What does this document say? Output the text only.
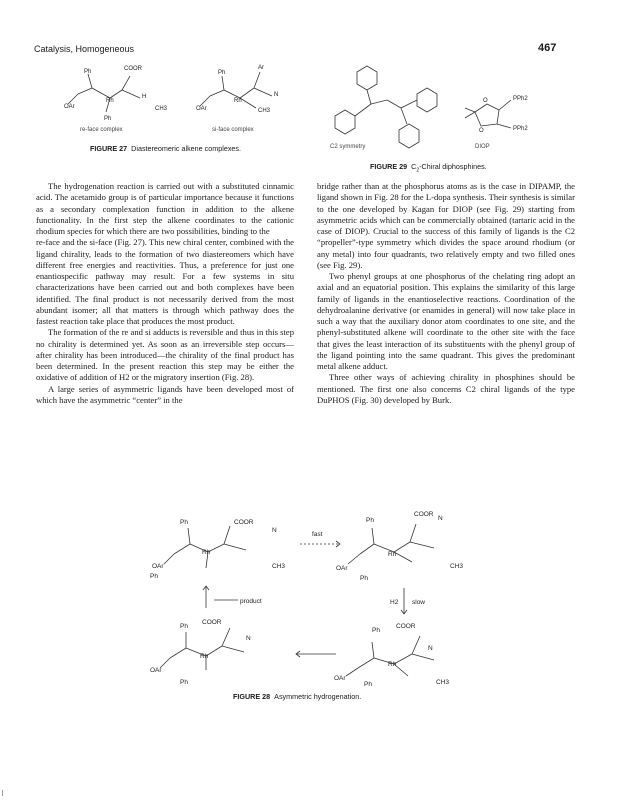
Catalysis, Homogeneous	467
Ph	COOR
H
OAr
Ph
CH3
Ph
Ar
N
OAr	CH3
Rh
Rh
re-face complex	si-face complex
FIGURE 27 Diastereomeric alkene complexes.
O
O
PPh2
PPh2
C2 symmetry	DIOP
FIGURE 29 $C_2$-Chiral diphosphines.

The hydrogenation reaction is carried out with a substituted cinnamic acid. The acetamido group is of particular importance because it functions as a secondary complexation function in addition to the alkene functionality. In the first step the alkene coordinates to the cationic rhodium species for which there are two possibilities, binding to the

re-face and the si-face (Fig. 27). This new chiral center, combined with the ligand chirality, leads to the formation of two diastereomers which have different free energies and reactivities. Thus, a preference for just one enantiospecific pathway may result. For a few systems in situ characterizations have been carried out and both complexes have been identified. The final product is not necessarily derived from the most abundant isomer; all that matters is through which pathway does the fastest reaction take place that produces the most product.

The formation of the re and si adducts is reversible and thus in this step no chirality is determined yet. As soon as an irreversible step occurs—after chirality has been introduced—the chirality of the final product has been determined. In the present reaction this step may be either the oxidative of addition of H2 or the migratory insertion (Fig. 28).

A large series of asymmetric ligands have been developed most of which have the asymmetric “center” in the

bridge rather than at the phosphorus atoms as is the case in DIPAMP, the ligand shown in Fig. 28 for the L-dopa synthesis. Their synthesis is similar to the one developed by Kagan for DIOP (see Fig. 29) starting from asymmetric acids which can be commercially obtained (tartaric acid in the case of DIOP). Crucial to the success of this family of ligands is the C2 “propeller”-type symmetry which divides the space around rhodium (or any metal) into four quadrants, two relatively empty and two filled ones (see Fig. 29).

Two phenyl groups at one phosphorus of the chelating ring adopt an axial and an equatorial position. This explains the similarity of this large family of ligands in the enantioselective reactions. Coordination of the dehydroalanine derivative (or enamides in general) will now take place in such a way that the auxiliary donor atom coordinates to one site, and the phenyl-substituted alkene will coordinate to the other site with the face that gives the least interaction of its substituents with the phenyl group of the ligand pointing into the same quadrant. This gives the predominant metal alkene adduct.

Three other ways of achieving chirality in phosphines should be mentioned. The first one also concerns C2 chiral ligands of the type DuPHOS (Fig. 30) developed by Burk.

Ph	COOR
N
Rh
OAr
Ph
CH3
fast
Ph
COOR
N
Rh
OAr
Ph
CH3
product	H2 slow
Ph
COOR
N
Rh
OAr
Ph
Ph
COOR
N
Rh
OAr
Ph	CH3
FIGURE 28 Asymmetric hydrogenation.
